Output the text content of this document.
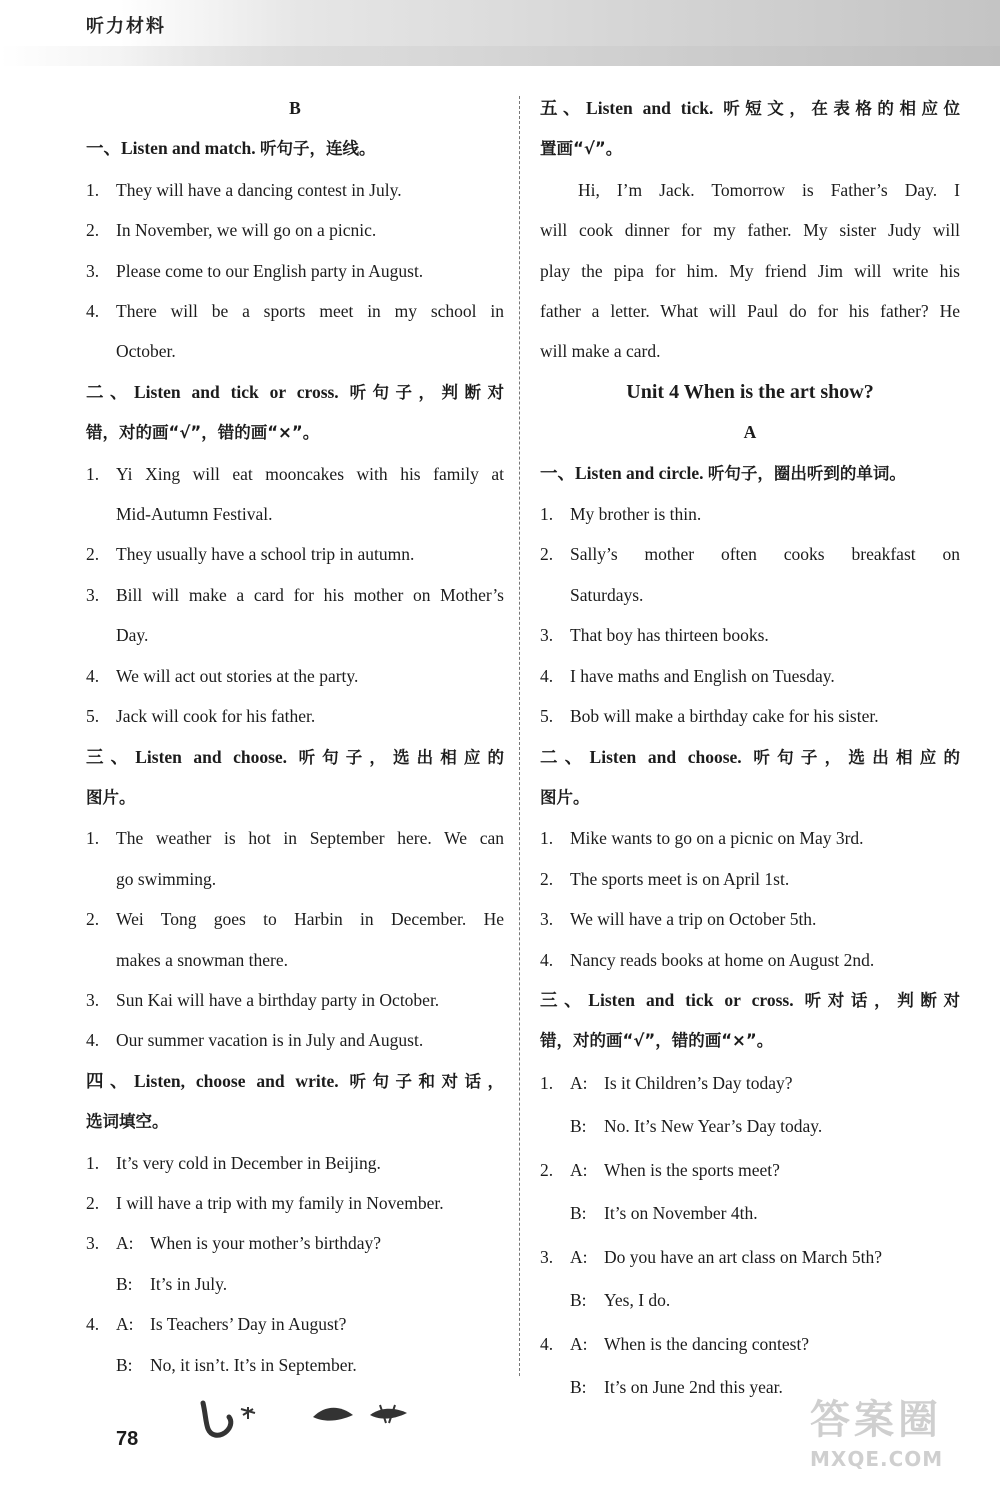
听力材料
B
一、Listen and match. 听句子，连线。
1. They will have a dancing contest in July.
2. In November, we will go on a picnic.
3. Please come to our English party in August.
4. There will be a sports meet in my school in
October.
二、Listen and tick or cross. 听句子，判断对
错，对的画“√”，错的画“×”。
1. Yi Xing will eat mooncakes with his family at
Mid-Autumn Festival.
2. They usually have a school trip in autumn.
3. Bill will make a card for his mother on Mother’s
Day.
4. We will act out stories at the party.
5. Jack will cook for his father.
三、Listen and choose. 听句子，选出相应的
图片。
1. The weather is hot in September here. We can
go swimming.
2. Wei Tong goes to Harbin in December. He
makes a snowman there.
3. Sun Kai will have a birthday party in October.
4. Our summer vacation is in July and August.
四、Listen, choose and write. 听句子和对话，
选词填空。
1. It’s very cold in December in Beijing.
2. I will have a trip with my family in November.
3. A: When is your mother’s birthday?
B: It’s in July.
4. A: Is Teachers’ Day in August?
B: No, it isn’t. It’s in September.
五、Listen and tick. 听短文，在表格的相应位
置画“√”。
Hi, I’m Jack. Tomorrow is Father’s Day. I
will cook dinner for my father. My sister Judy will
play the pipa for him. My friend Jim will write his
father a letter. What will Paul do for his father? He
will make a card.
Unit 4 When is the art show?
A
一、Listen and circle. 听句子，圈出听到的单词。
1. My brother is thin.
2. Sally’s mother often cooks breakfast on
Saturdays.
3. That boy has thirteen books.
4. I have maths and English on Tuesday.
5. Bob will make a birthday cake for his sister.
二、Listen and choose. 听句子，选出相应的
图片。
1. Mike wants to go on a picnic on May 3rd.
2. The sports meet is on April 1st.
3. We will have a trip on October 5th.
4. Nancy reads books at home on August 2nd.
三、Listen and tick or cross. 听对话，判断对
错，对的画“√”，错的画“×”。
1. A: Is it Children’s Day today?
B: No. It’s New Year’s Day today.
2. A: When is the sports meet?
B: It’s on November 4th.
3. A: Do you have an art class on March 5th?
B: Yes, I do.
4. A: When is the dancing contest?
B: It’s on June 2nd this year.
78	答案圈
MXQE.COM
